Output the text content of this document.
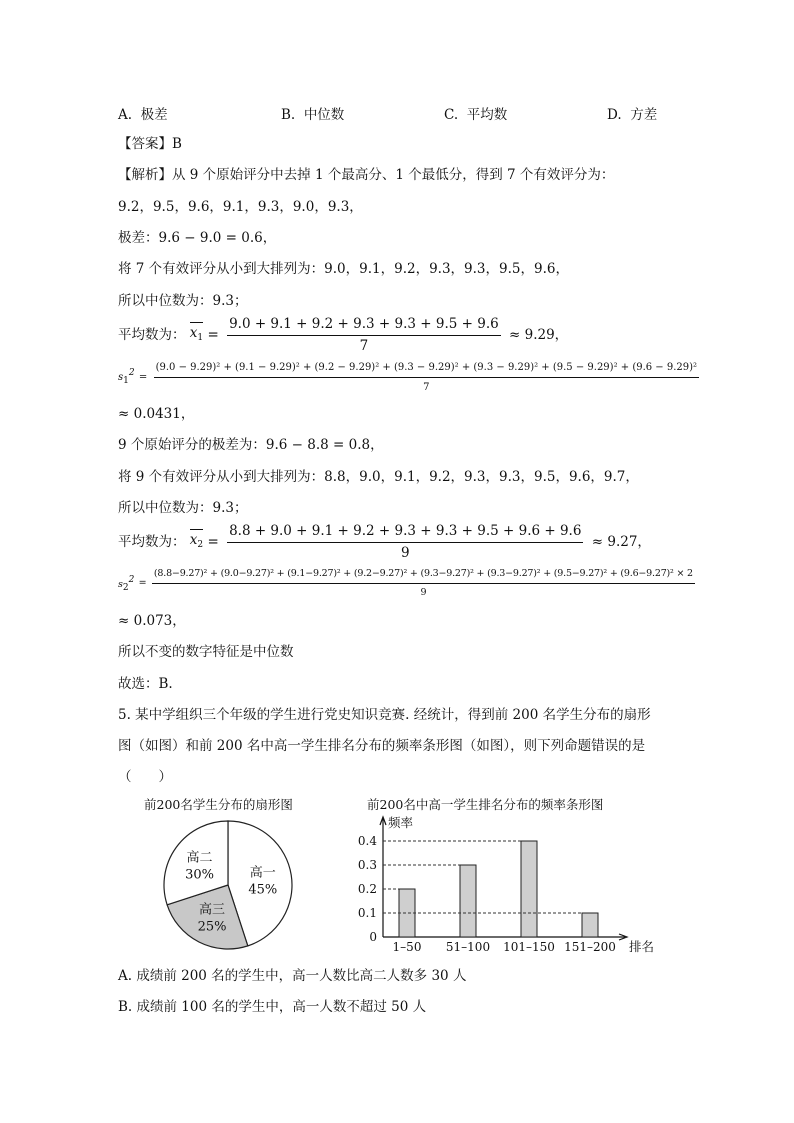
A. 极差	B. 中位数	C. 平均数	D. 方差
【答案】B
【解析】从 9 个原始评分中去掉 1 个最高分、1 个最低分，得到 7 个有效评分为：
9.2，9.5，9.6，9.1，9.3，9.0，9.3，
极差：9.6 − 9.0 = 0.6，
将 7 个有效评分从小到大排列为：9.0，9.1，9.2，9.3，9.3，9.5，9.6，
所以中位数为：9.3；
平均数为： $x_1 = \frac{9.0 + 9.1 + 9.2 + 9.3 + 9.3 + 9.5 + 9.6}{7} \approx 9.29$，
s12 =
(9.0 − 9.29)² + (9.1 − 9.29)² + (9.2 − 9.29)² + (9.3 − 9.29)² + (9.3 − 9.29)² + (9.5 − 9.29)² + (9.6 − 9.29)²
7
≈ 0.0431，
9 个原始评分的极差为：9.6 − 8.8 = 0.8，
将 9 个有效评分从小到大排列为：8.8，9.0，9.1，9.2，9.3，9.3，9.5，9.6，9.7，
所以中位数为：9.3；
平均数为： $x_2 = \frac{8.8 + 9.0 + 9.1 + 9.2 + 9.3 + 9.3 + 9.5 + 9.6 + 9.6}{9} \approx 9.27$，
s22 =
(8.8−9.27)² + (9.0−9.27)² + (9.1−9.27)² + (9.2−9.27)² + (9.3−9.27)² + (9.3−9.27)² + (9.5−9.27)² + (9.6−9.27)² × 2
9
≈ 0.073，
所以不变的数字特征是中位数
故选：B.
5. 某中学组织三个年级的学生进行党史知识竞赛. 经统计，得到前 200 名学生分布的扇形
图（如图）和前 200 名中高一学生排名分布的频率条形图（如图），则下列命题错误的是
（　　）
前200名学生分布的扇形图
高一
45%
高三
25%
高二
30%
前200名中高一学生排名分布的频率条形图
频率
排名
0
0.1
0.2
0.3
0.4
1–50 51–100 101–150 151–200
A. 成绩前 200 名的学生中，高一人数比高二人数多 30 人
B. 成绩前 100 名的学生中，高一人数不超过 50 人
